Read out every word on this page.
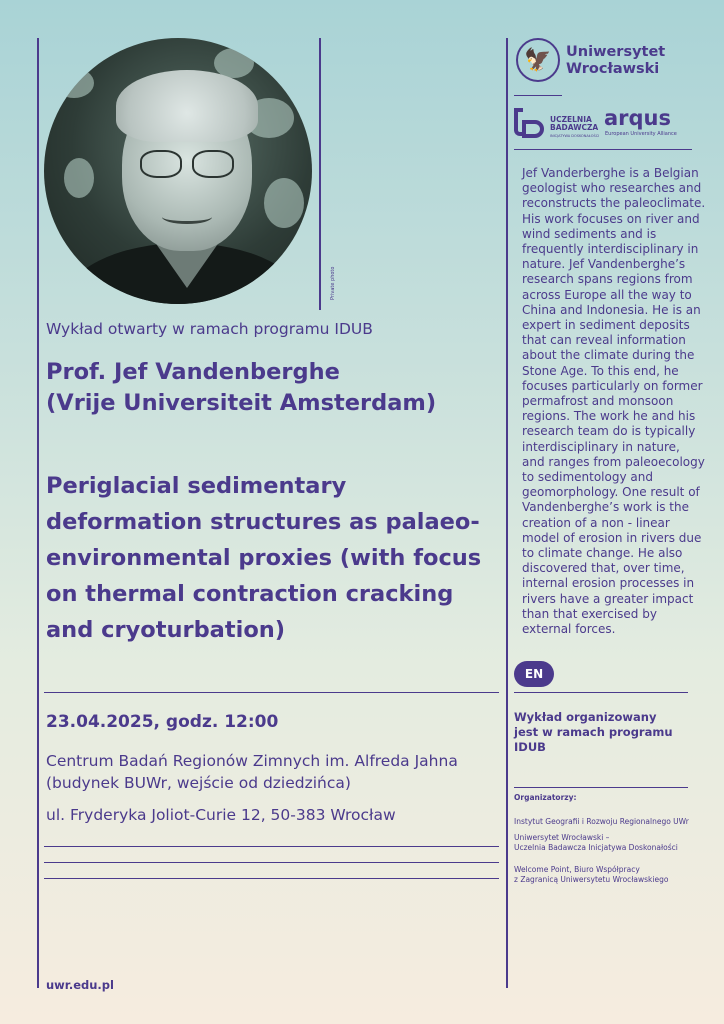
Private photo
Wykład otwarty w ramach programu IDUB
Prof. Jef Vandenberghe
(Vrije Universiteit Amsterdam)
Periglacial sedimentary deformation structures as palaeo-environmental proxies (with focus on thermal contraction cracking and cryoturbation)
23.04.2025, godz. 12:00
Centrum Badań Regionów Zimnych im. Alfreda Jahna (budynek BUWr, wejście od dziedzińca)
ul. Fryderyka Joliot-Curie 12, 50-383 Wrocław
uwr.edu.pl
🦅 Uniwersytet
Wrocławski
UCZELNIA
BADAWCZA
INICJATYWA DOSKONAŁOŚCI
arqus
European University Alliance
Jef Vanderberghe is a Belgian geologist who researches and reconstructs the paleoclimate. His work focuses on river and wind sediments and is frequently interdisciplinary in nature. Jef Vandenberghe’s research spans regions from across Europe all the way to China and Indonesia. He is an expert in sediment deposits that can reveal information about the climate during the Stone Age. To this end, he focuses particularly on former permafrost and monsoon regions. The work he and his research team do is typically interdisciplinary in nature, and ranges from paleoecology to sedimentology and geomorphology. One result of Vandenberghe’s work is the creation of a non - linear model of erosion in rivers due to climate change. He also discovered that, over time, internal erosion processes in rivers have a greater impact than that exercised by external forces.
EN
Wykład organizowany
jest w ramach programu
IDUB
Organizatorzy:
Instytut Geografii i Rozwoju Regionalnego UWr
Uniwersytet Wrocławski –
Uczelnia Badawcza Inicjatywa Doskonałości
Welcome Point, Biuro Współpracy
z Zagranicą Uniwersytetu Wrocławskiego
